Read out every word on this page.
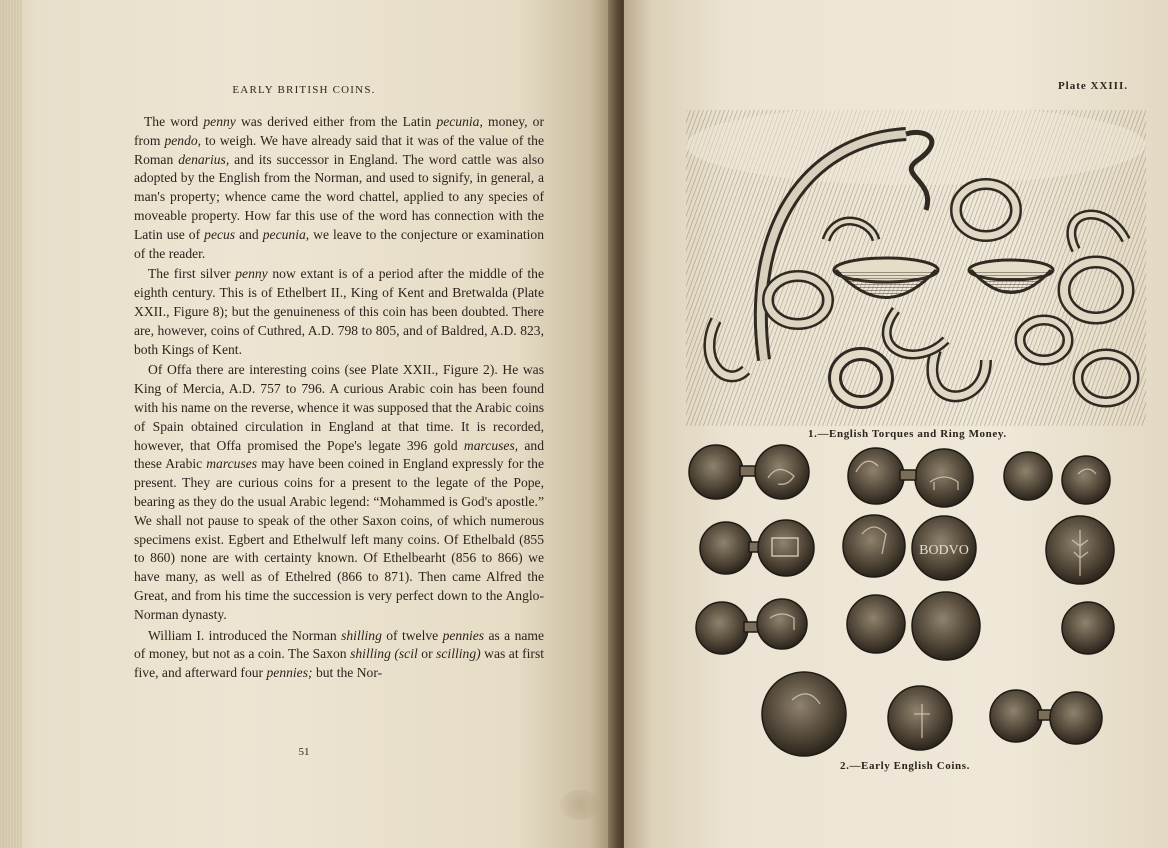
EARLY BRITISH COINS.

The word penny was derived either from the Latin pecunia, money, or from pendo, to weigh. We have already said that it was of the value of the Roman denarius, and its successor in England. The word cattle was also adopted by the English from the Norman, and used to signify, in general, a man's property; whence came the word chattel, applied to any species of moveable property. How far this use of the word has connection with the Latin use of pecus and pecunia, we leave to the conjecture or examination of the reader.

The first silver penny now extant is of a period after the middle of the eighth century. This is of Ethelbert II., King of Kent and Bretwalda (Plate XXII., Figure 8); but the genuineness of this coin has been doubted. There are, however, coins of Cuthred, A.D. 798 to 805, and of Baldred, A.D. 823, both Kings of Kent.

Of Offa there are interesting coins (see Plate XXII., Figure 2). He was King of Mercia, A.D. 757 to 796. A curious Arabic coin has been found with his name on the reverse, whence it was supposed that the Arabic coins of Spain obtained circulation in England at that time. It is recorded, however, that Offa promised the Pope's legate 396 gold marcuses, and these Arabic marcuses may have been coined in England expressly for the present. They are curious coins for a present to the legate of the Pope, bearing as they do the usual Arabic legend: “Mohammed is God's apostle.” We shall not pause to speak of the other Saxon coins, of which numerous specimens exist. Egbert and Ethelwulf left many coins. Of Ethelbald (855 to 860) none are with certainty known. Of Ethelbearht (856 to 866) we have many, as well as of Ethelred (866 to 871). Then came Alfred the Great, and from his time the succession is very perfect down to the Anglo-Norman dynasty.

William I. introduced the Norman shilling of twelve pennies as a name of money, but not as a coin. The Saxon shilling (scil or scilling) was at first five, and afterward four pennies; but the Nor-

51
Plate XXIII.
1.—English Torques and Ring Money.
BODVO
2.—Early English Coins.
